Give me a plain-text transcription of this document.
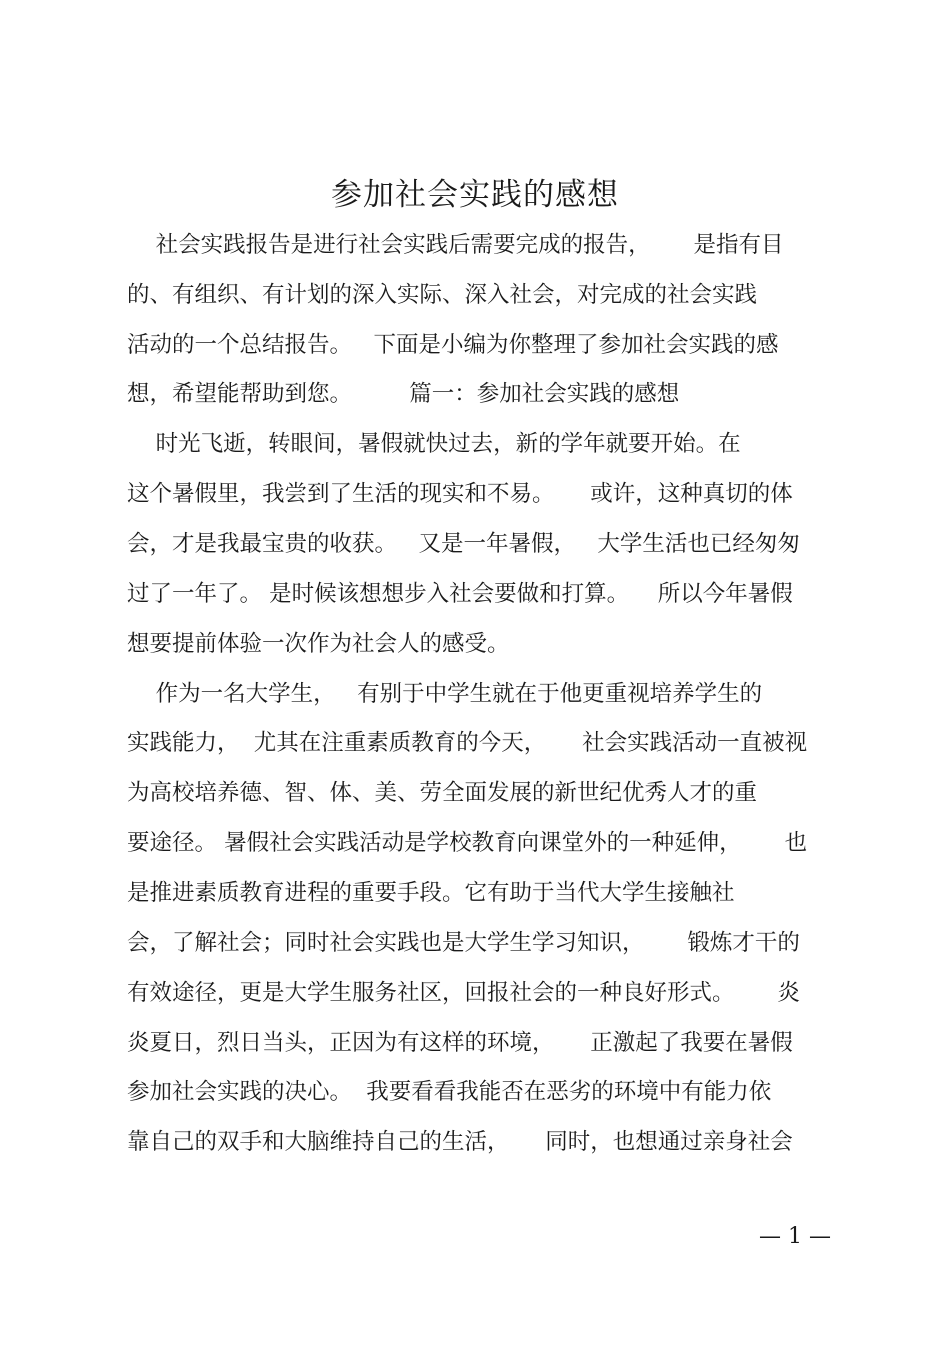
参加社会实践的感想
社会实践报告是进行社会实践后需要完成的报告，      是指有目
的、有组织、有计划的深入实际、深入社会，对完成的社会实践
活动的一个总结报告。   下面是小编为你整理了参加社会实践的感
想，希望能帮助到您。        篇一：参加社会实践的感想
时光飞逝，转眼间，暑假就快过去，新的学年就要开始。在
这个暑假里，我尝到了生活的现实和不易。     或许，这种真切的体
会，才是我最宝贵的收获。   又是一年暑假，   大学生活也已经匆匆
过了一年了。 是时候该想想步入社会要做和打算。    所以今年暑假
想要提前体验一次作为社会人的感受。
作为一名大学生，   有别于中学生就在于他更重视培养学生的
实践能力，  尤其在注重素质教育的今天，     社会实践活动一直被视
为高校培养德、智、体、美、劳全面发展的新世纪优秀人才的重
要途径。 暑假社会实践活动是学校教育向课堂外的一种延伸，      也
是推进素质教育进程的重要手段。它有助于当代大学生接触社
会，了解社会；同时社会实践也是大学生学习知识，      锻炼才干的
有效途径，更是大学生服务社区，回报社会的一种良好形式。      炎
炎夏日，烈日当头，正因为有这样的环境，     正激起了我要在暑假
参加社会实践的决心。  我要看看我能否在恶劣的环境中有能力依
靠自己的双手和大脑维持自己的生活，     同时，也想通过亲身社会
— 1 —
